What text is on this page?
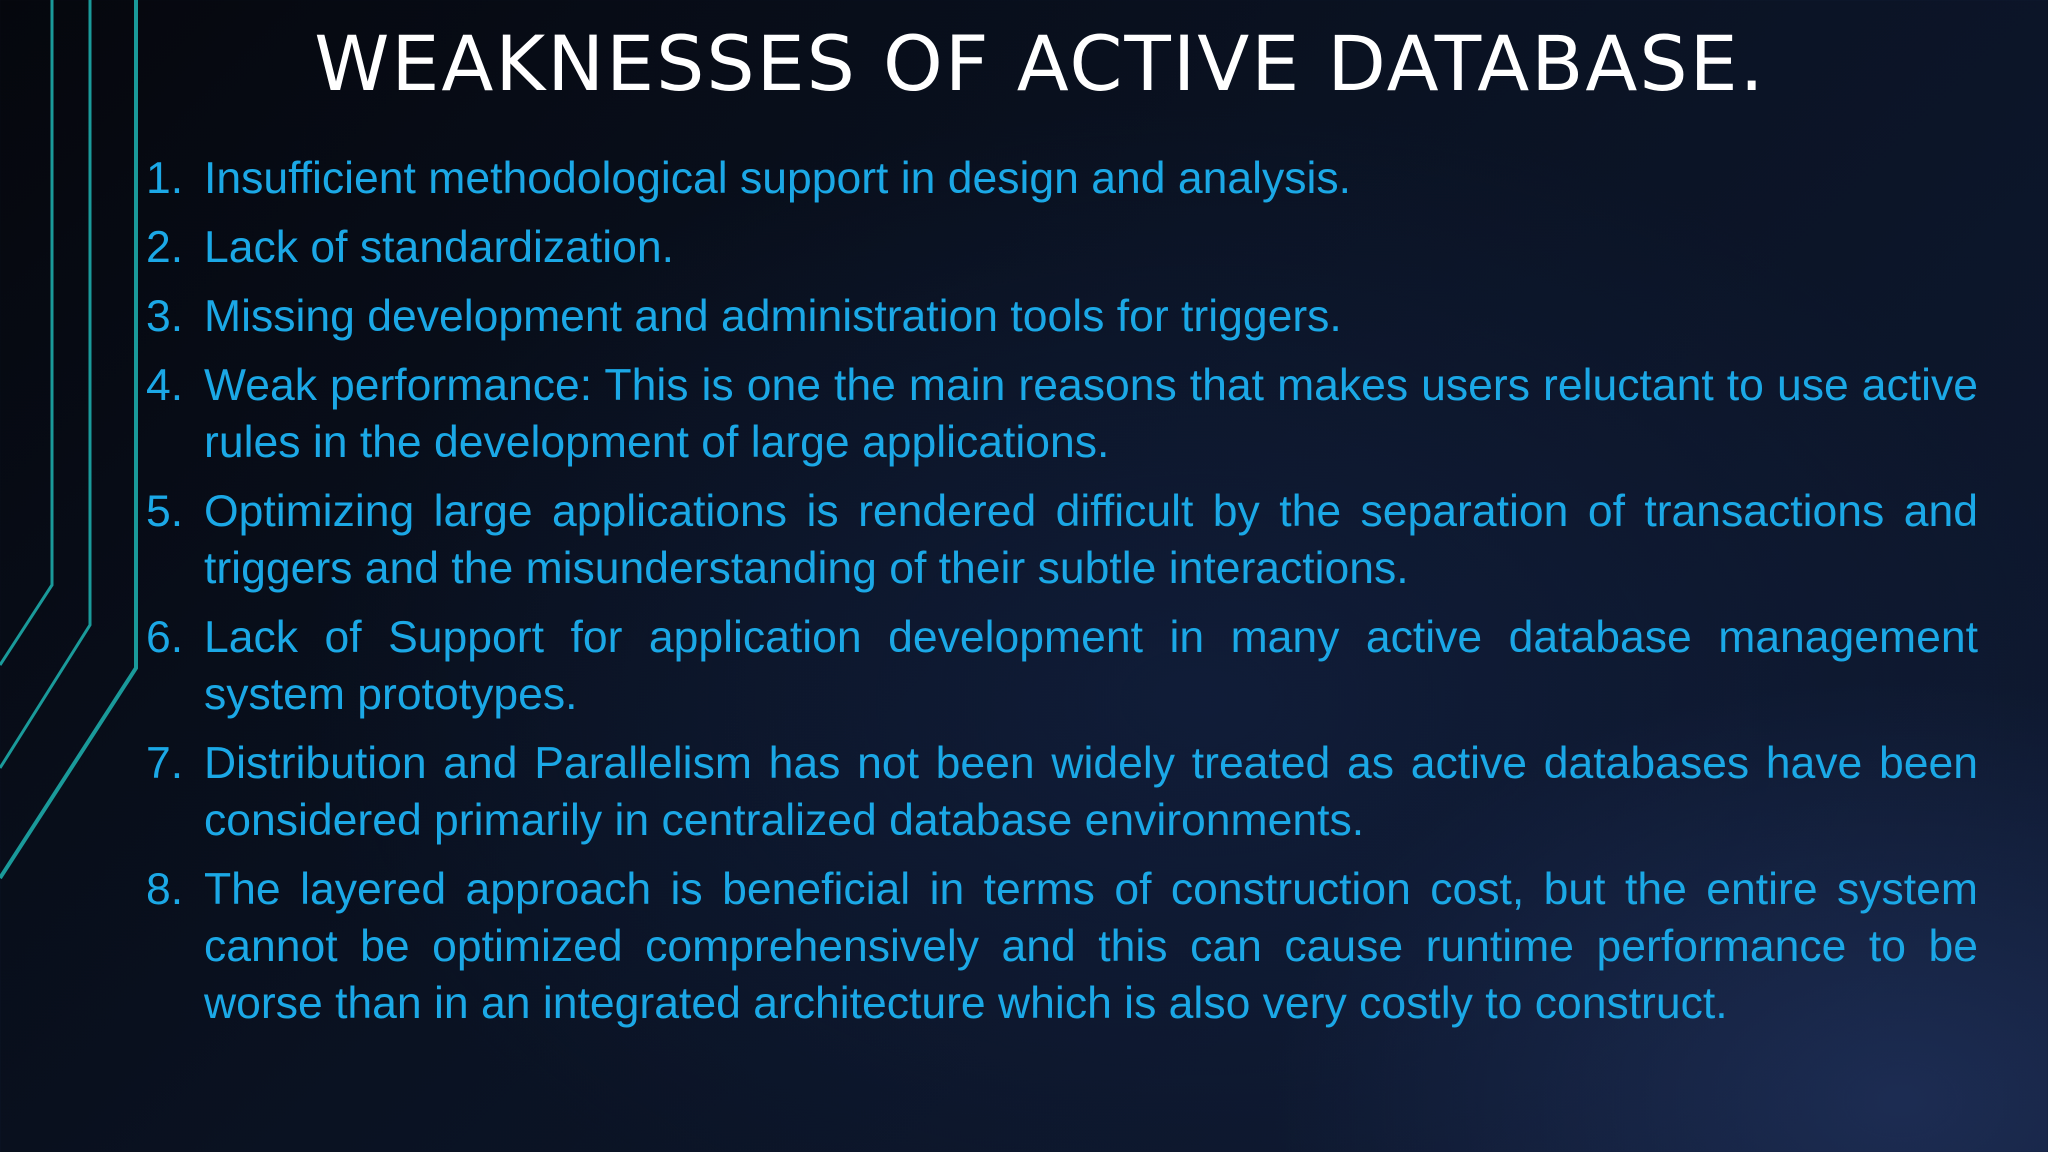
WEAKNESSES OF ACTIVE DATABASE.
1. Insufficient methodological support in design and analysis.
2. Lack of standardization.
3. Missing development and administration tools for triggers.
4. Weak performance: This is one the main reasons that makes users reluctant to use active rules in the development of large applications.
5. Optimizing large applications is rendered difficult by the separation of transactions and triggers and the misunderstanding of their subtle interactions.
6. Lack of Support for application development in many active database management system prototypes.
7. Distribution and Parallelism has not been widely treated as active databases have been considered primarily in centralized database environments.
8. The layered approach is beneficial in terms of construction cost, but the entire system cannot be optimized comprehensively and this can cause runtime performance to be worse than in an integrated architecture which is also very costly to construct.
